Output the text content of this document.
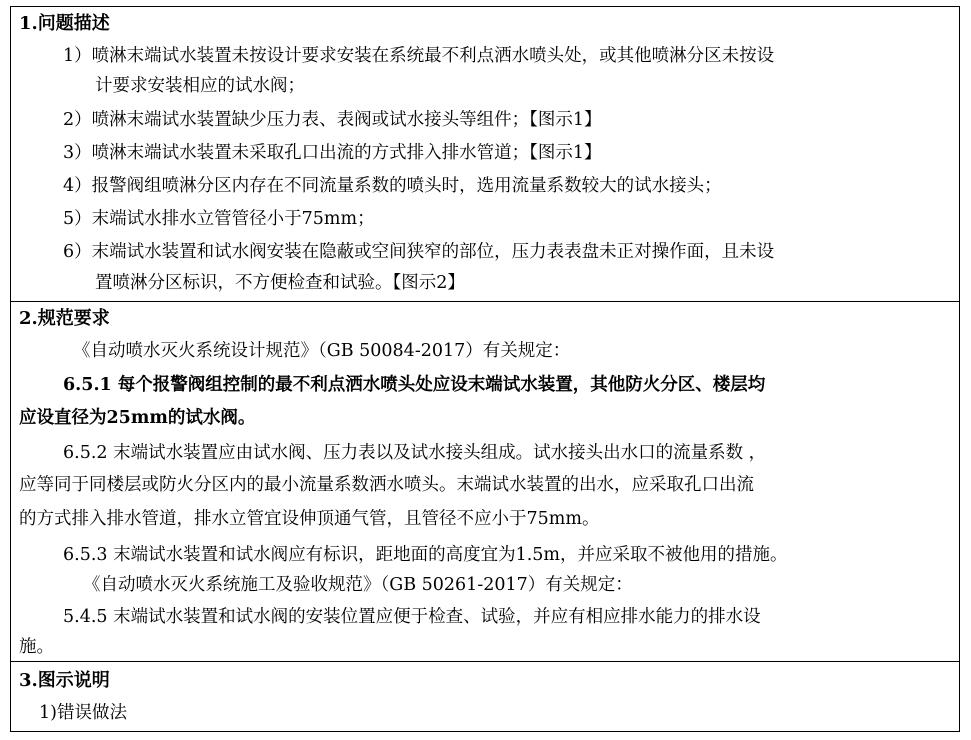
1.问题描述
1）喷淋末端试水装置未按设计要求安装在系统最不利点洒水喷头处，或其他喷淋分区未按设
计要求安装相应的试水阀；
2）喷淋末端试水装置缺少压力表、表阀或试水接头等组件；【图示1】
3）喷淋末端试水装置未采取孔口出流的方式排入排水管道；【图示1】
4）报警阀组喷淋分区内存在不同流量系数的喷头时，选用流量系数较大的试水接头；
5）末端试水排水立管管径小于75mm；
6）末端试水装置和试水阀安装在隐蔽或空间狭窄的部位，压力表表盘未正对操作面，且未设
置喷淋分区标识，不方便检查和试验。【图示2】
2.规范要求
《自动喷水灭火系统设计规范》（GB 50084-2017）有关规定：
6.5.1 每个报警阀组控制的最不利点洒水喷头处应设末端试水装置，其他防火分区、楼层均
应设直径为25mm的试水阀。
6.5.2 末端试水装置应由试水阀、压力表以及试水接头组成。试水接头出水口的流量系数 ，
应等同于同楼层或防火分区内的最小流量系数洒水喷头。末端试水装置的出水，应采取孔口出流
的方式排入排水管道，排水立管宜设伸顶通气管，且管径不应小于75mm。
6.5.3 末端试水装置和试水阀应有标识，距地面的高度宜为1.5m，并应采取不被他用的措施。
《自动喷水灭火系统施工及验收规范》（GB 50261-2017）有关规定：
5.4.5 末端试水装置和试水阀的安装位置应便于检查、试验，并应有相应排水能力的排水设
施。
3.图示说明
1)错误做法
